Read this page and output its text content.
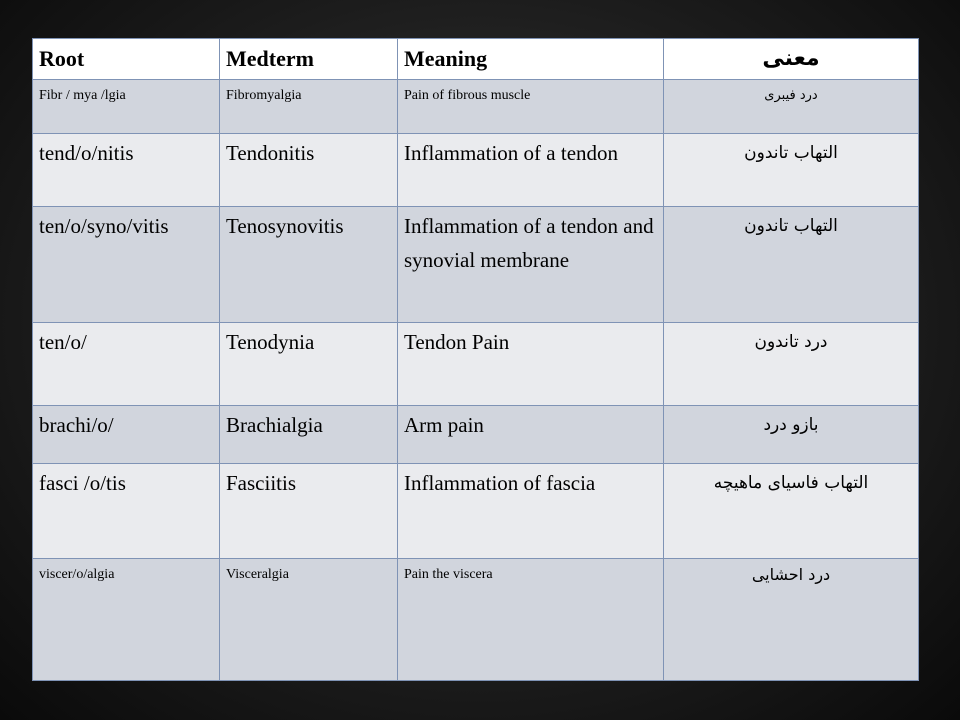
Root	Medterm	Meaning	معنی
Fibr / mya /lgia	Fibromyalgia	Pain of fibrous muscle	درد فیبری
tend/o/nitis	Tendonitis	Inflammation of a tendon	التهاب تاندون
ten/o/syno/vitis	Tenosynovitis	Inflammation of a tendon and synovial membrane	التهاب تاندون
ten/o/	Tenodynia	Tendon Pain	درد تاندون
brachi/o/	Brachialgia	Arm pain	بازو درد
fasci /o/tis	Fasciitis	Inflammation of fascia	التهاب فاسیای ماهیچه
viscer/o/algia	Visceralgia	Pain the viscera	درد احشایی
